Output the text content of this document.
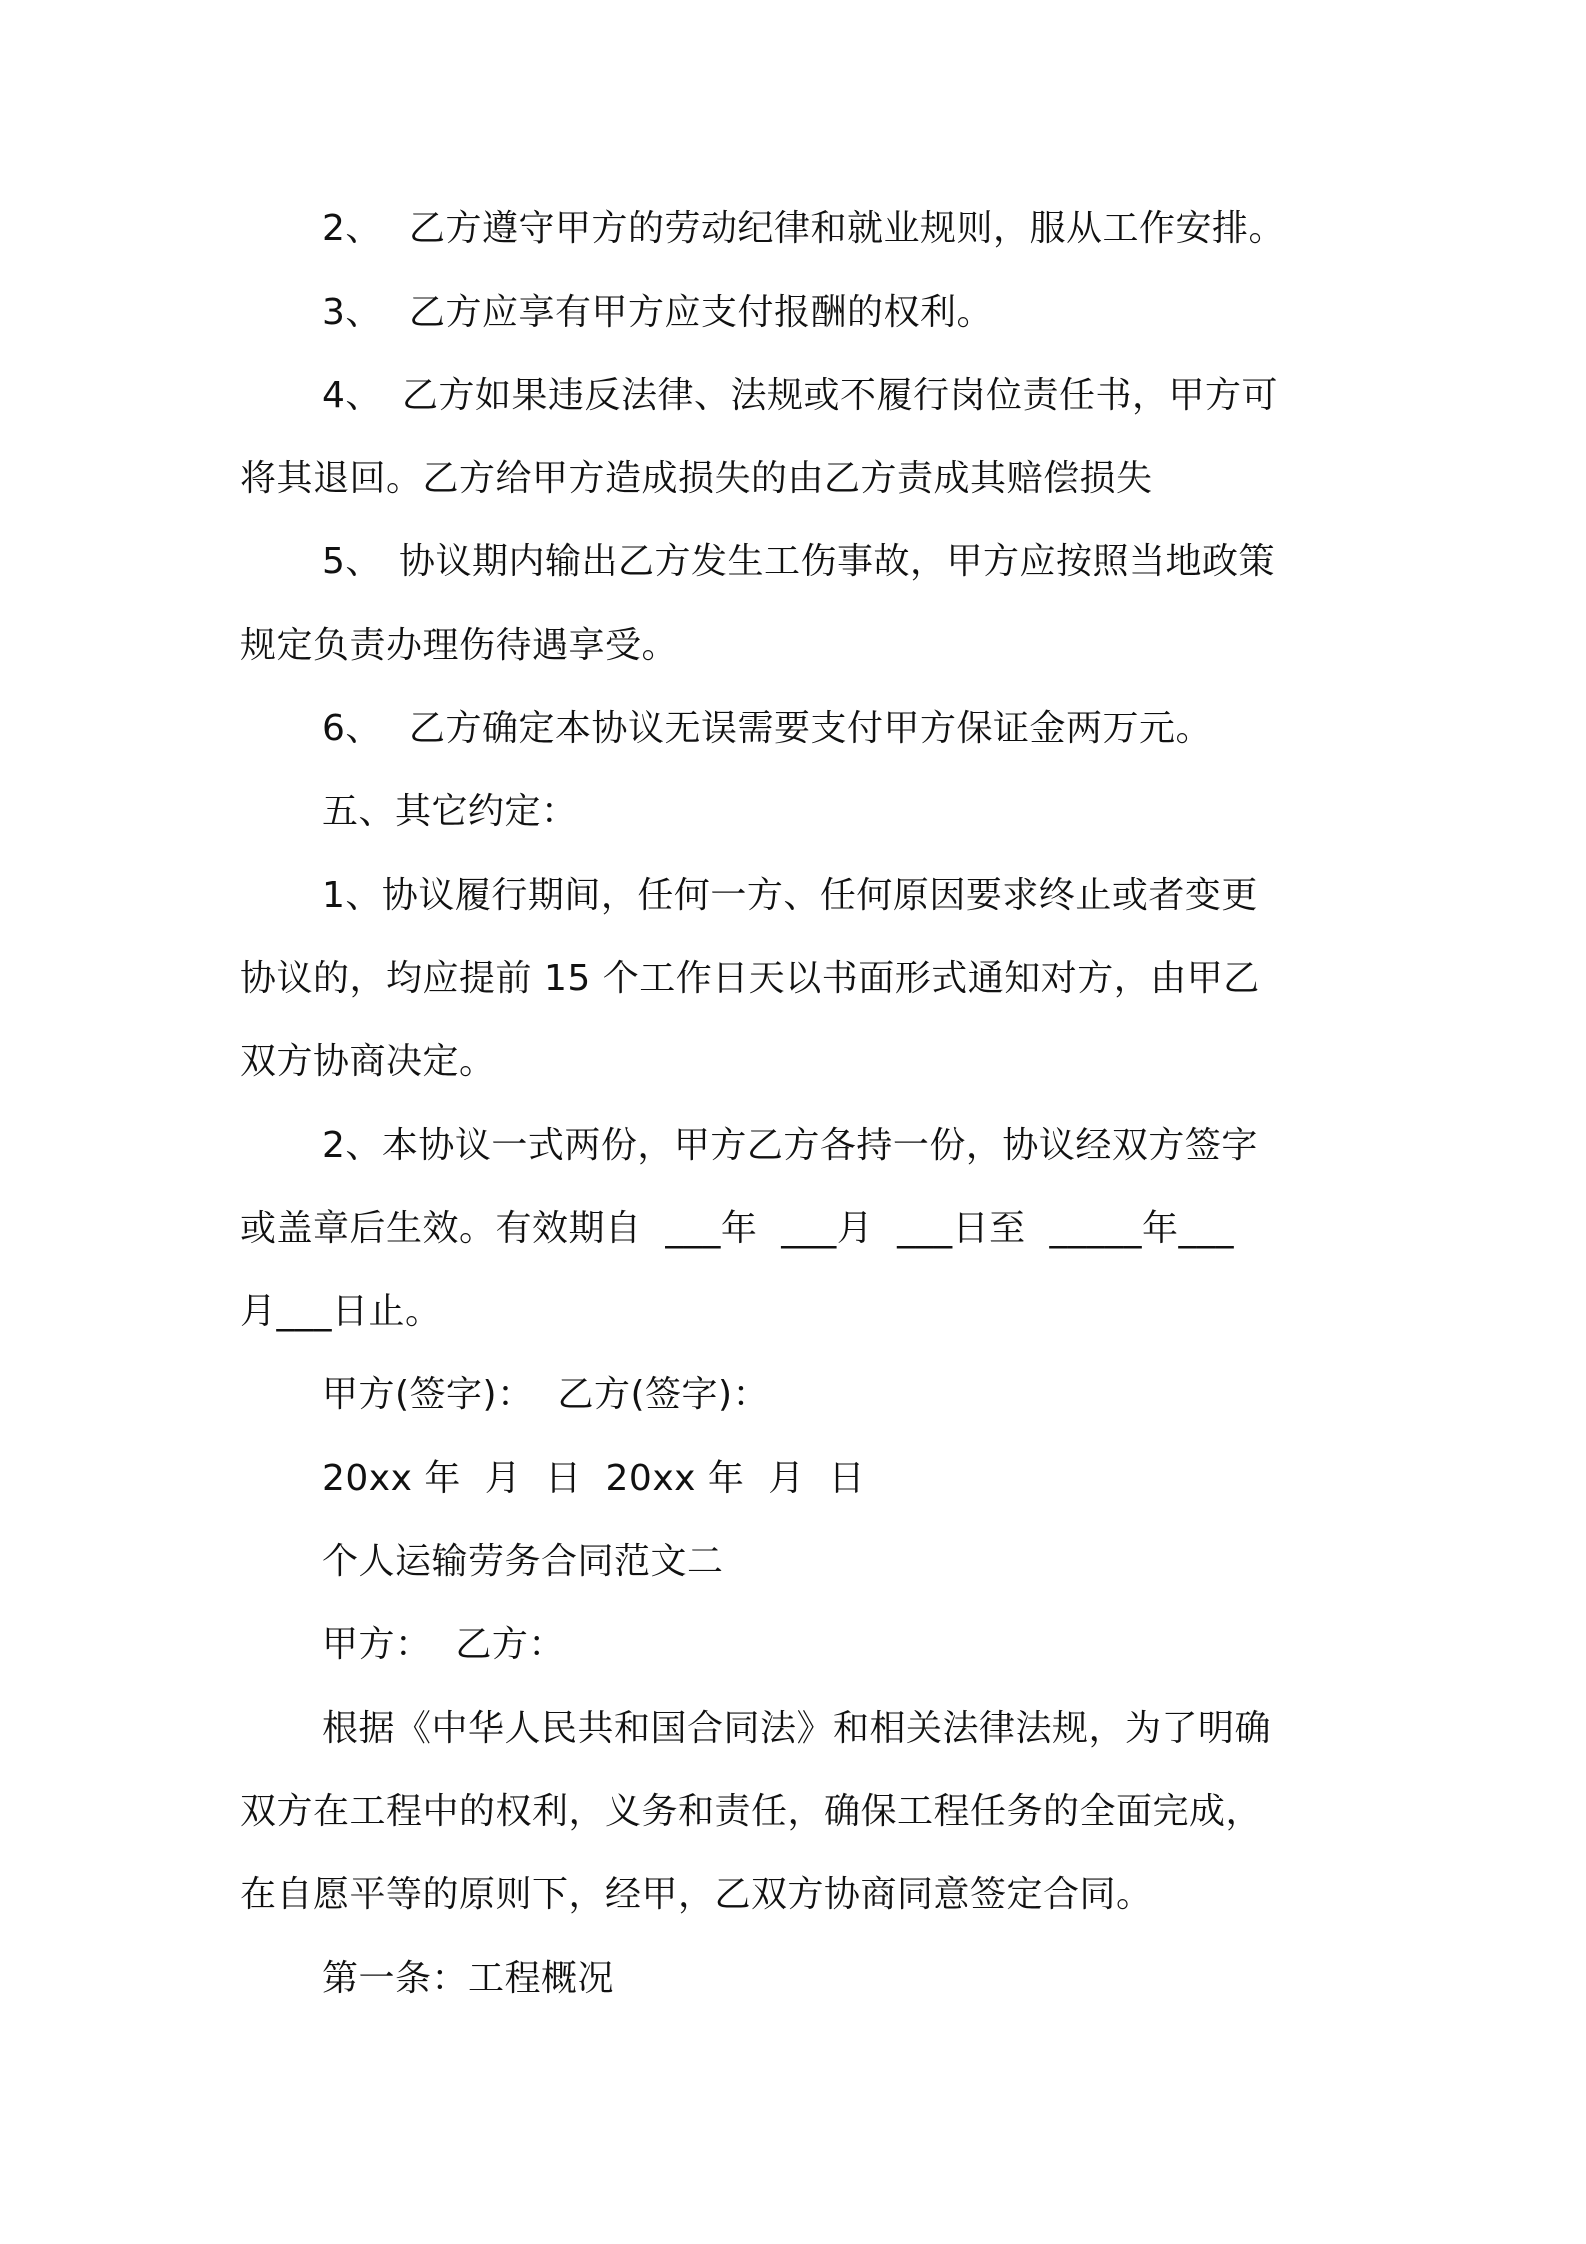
2、 乙方遵守甲方的劳动纪律和就业规则，服从工作安排。
3、 乙方应享有甲方应支付报酬的权利。
4、 乙方如果违反法律、法规或不履行岗位责任书，甲方可
将其退回。乙方给甲方造成损失的由乙方责成其赔偿损失
5、 协议期内输出乙方发生工伤事故，甲方应按照当地政策
规定负责办理伤待遇享受。
6、 乙方确定本协议无误需要支付甲方保证金两万元。
五、其它约定：
1、协议履行期间，任何一方、任何原因要求终止或者变更
协议的，均应提前 15 个工作日天以书面形式通知对方，由甲乙
双方协商决定。
2、本协议一式两份，甲方乙方各持一份，协议经双方签字
或盖章后生效。有效期自  ___年  ___月  ___日至  _____年___
月___日止。
甲方(签字)：  乙方(签字)：
20xx 年  月  日  20xx 年  月  日
个人运输劳务合同范文二
甲方：  乙方：
根据《中华人民共和国合同法》和相关法律法规，为了明确
双方在工程中的权利，义务和责任，确保工程任务的全面完成，
在自愿平等的原则下，经甲，乙双方协商同意签定合同。
第一条：工程概况
